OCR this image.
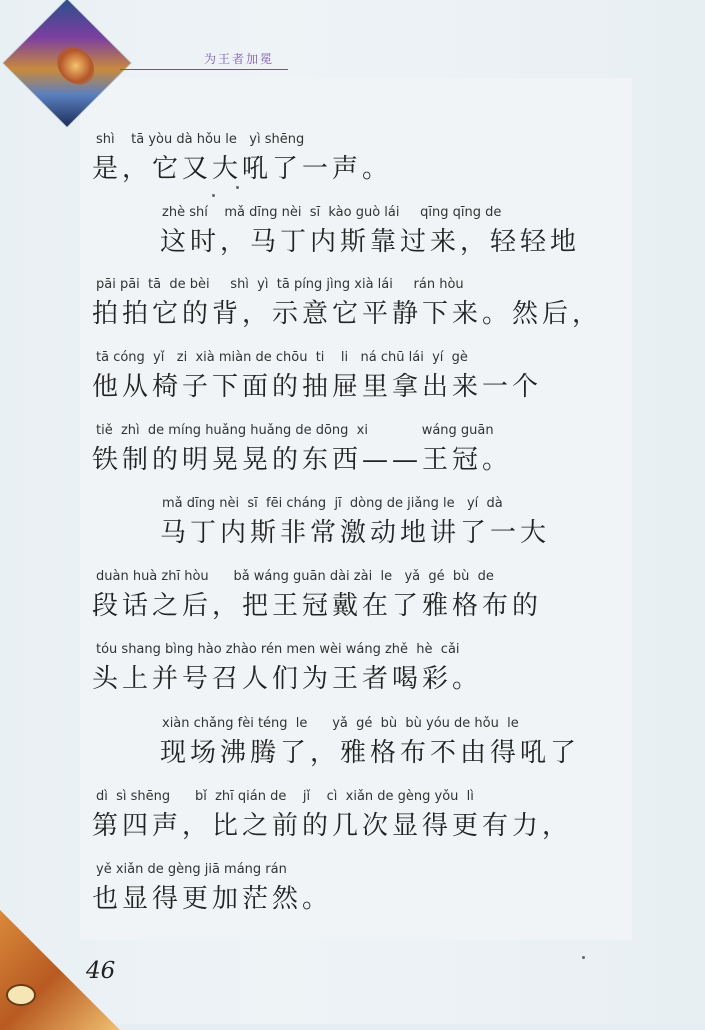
为王者加冕
shì    tā yòu dà hǒu le   yì shēng
是，它又大吼了一声。
zhè shí    mǎ dīng nèi  sī  kào guò lái     qīng qīng de
这时，马丁内斯靠过来，轻轻地
pāi pāi  tā  de bèi     shì  yì  tā píng jìng xià lái     rán hòu
拍拍它的背，示意它平静下来。然后，
tā cóng  yǐ   zi  xià miàn de chōu  ti    li   ná chū lái  yí  gè
他从椅子下面的抽屉里拿出来一个
tiě  zhì  de míng huǎng huǎng de dōng  xi             wáng guān
铁制的明晃晃的东西——王冠。
mǎ dīng nèi  sī  fēi cháng  jī  dòng de jiǎng le   yí  dà
马丁内斯非常激动地讲了一大
duàn huà zhī hòu      bǎ wáng guān dài zài  le   yǎ  gé  bù  de
段话之后，把王冠戴在了雅格布的
tóu shang bìng hào zhào rén men wèi wáng zhě  hè  cǎi
头上并号召人们为王者喝彩。
xiàn chǎng fèi téng  le      yǎ  gé  bù  bù yóu de hǒu  le
现场沸腾了，雅格布不由得吼了
dì  sì shēng      bǐ  zhī qián de    jǐ    cì  xiǎn de gèng yǒu  lì
第四声，比之前的几次显得更有力，
yě xiǎn de gèng jiā máng rán
也显得更加茫然。
46
